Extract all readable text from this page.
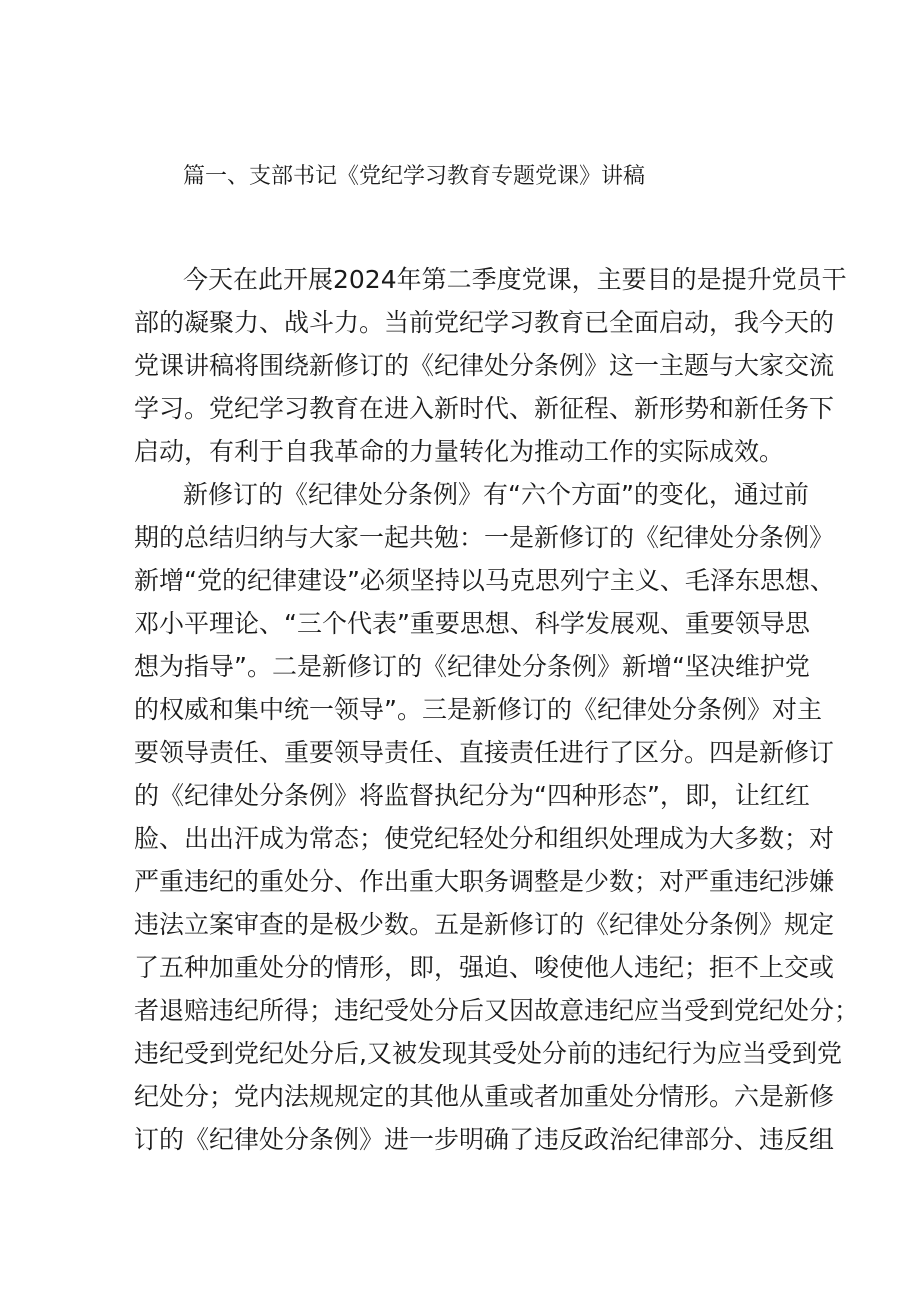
篇一、支部书记《党纪学习教育专题党课》讲稿
今天在此开展2024年第二季度党课，主要目的是提升党员干
部的凝聚力、战斗力。当前党纪学习教育已全面启动，我今天的
党课讲稿将围绕新修订的《纪律处分条例》这一主题与大家交流
学习。党纪学习教育在进入新时代、新征程、新形势和新任务下
启动，有利于自我革命的力量转化为推动工作的实际成效。
新修订的《纪律处分条例》有“六个方面”的变化，通过前
期的总结归纳与大家一起共勉：一是新修订的《纪律处分条例》
新增“党的纪律建设”必须坚持以马克思列宁主义、毛泽东思想、
邓小平理论、“三个代表”重要思想、科学发展观、重要领导思
想为指导”。二是新修订的《纪律处分条例》新增“坚决维护党
的权威和集中统一领导”。三是新修订的《纪律处分条例》对主
要领导责任、重要领导责任、直接责任进行了区分。四是新修订
的《纪律处分条例》将监督执纪分为“四种形态”，即，让红红
脸、出出汗成为常态；使党纪轻处分和组织处理成为大多数；对
严重违纪的重处分、作出重大职务调整是少数；对严重违纪涉嫌
违法立案审查的是极少数。五是新修订的《纪律处分条例》规定
了五种加重处分的情形，即，强迫、唆使他人违纪；拒不上交或
者退赔违纪所得；违纪受处分后又因故意违纪应当受到党纪处分；
违纪受到党纪处分后,又被发现其受处分前的违纪行为应当受到党
纪处分；党内法规规定的其他从重或者加重处分情形。六是新修
订的《纪律处分条例》进一步明确了违反政治纪律部分、违反组
